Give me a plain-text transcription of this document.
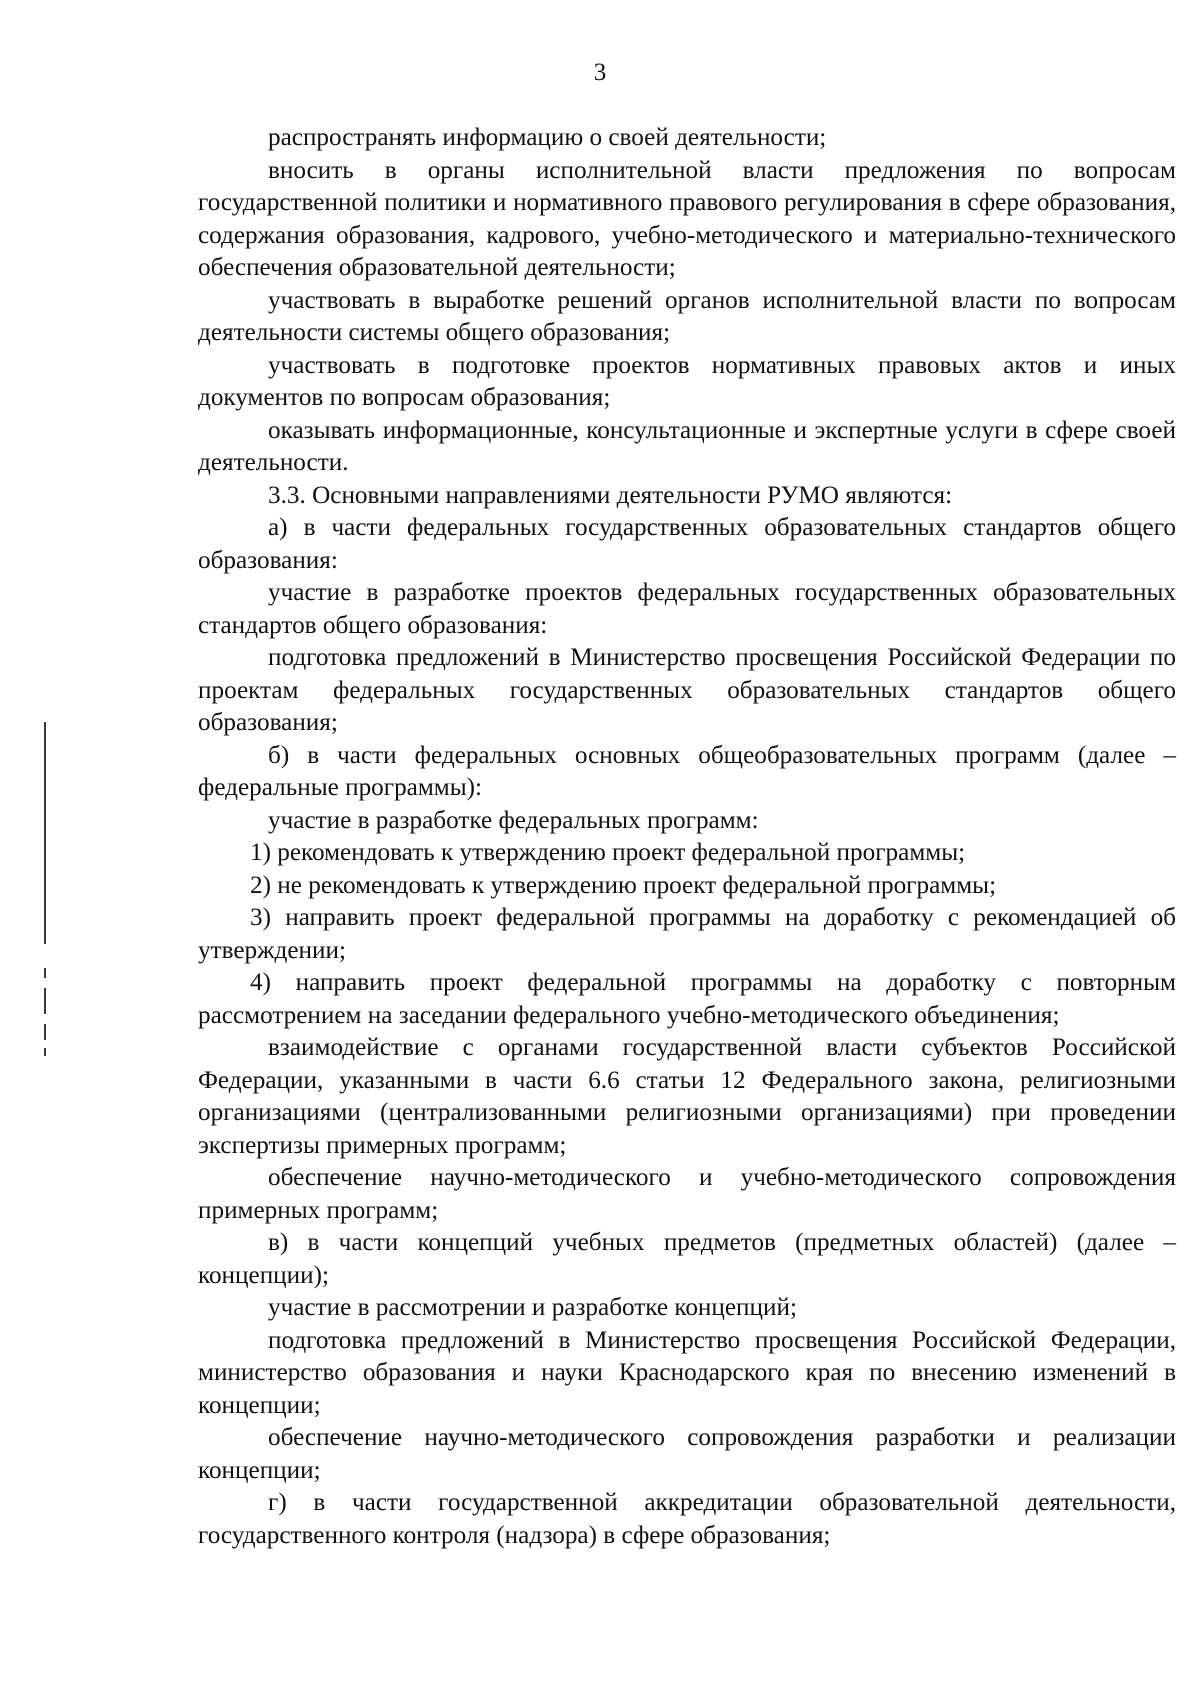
3

распространять информацию о своей деятельности;

вносить в органы исполнительной власти предложения по вопросам государственной политики и нормативного правового регулирования в сфере образования, содержания образования, кадрового, учебно-методического и материально-технического обеспечения образовательной деятельности;

участвовать в выработке решений органов исполнительной власти по вопросам деятельности системы общего образования;

участвовать в подготовке проектов нормативных правовых актов и иных документов по вопросам образования;

оказывать информационные, консультационные и экспертные услуги в сфере своей деятельности.

3.3. Основными направлениями деятельности РУМО являются:

а) в части федеральных государственных образовательных стандартов общего образования:

участие в разработке проектов федеральных государственных образовательных стандартов общего образования:

подготовка предложений в Министерство просвещения Российской Федерации по проектам федеральных государственных образовательных стандартов общего образования;

б) в части федеральных основных общеобразовательных программ (далее – федеральные программы):

участие в разработке федеральных программ:

1) рекомендовать к утверждению проект федеральной программы;

2) не рекомендовать к утверждению проект федеральной программы;

3) направить проект федеральной программы на доработку с рекомендацией об утверждении;

4) направить проект федеральной программы на доработку с повторным рассмотрением на заседании федерального учебно-методического объединения;

взаимодействие с органами государственной власти субъектов Российской Федерации, указанными в части 6.6 статьи 12 Федерального закона, религиозными организациями (централизованными религиозными организациями) при проведении экспертизы примерных программ;

обеспечение научно-методического и учебно-методического сопровождения примерных программ;

в) в части концепций учебных предметов (предметных областей) (далее – концепции);

участие в рассмотрении и разработке концепций;

подготовка предложений в Министерство просвещения Российской Федерации, министерство образования и науки Краснодарского края по внесению изменений в концепции;

обеспечение научно-методического сопровождения разработки и реализации концепции;

г) в части государственной аккредитации образовательной деятельности, государственного контроля (надзора) в сфере образования;
